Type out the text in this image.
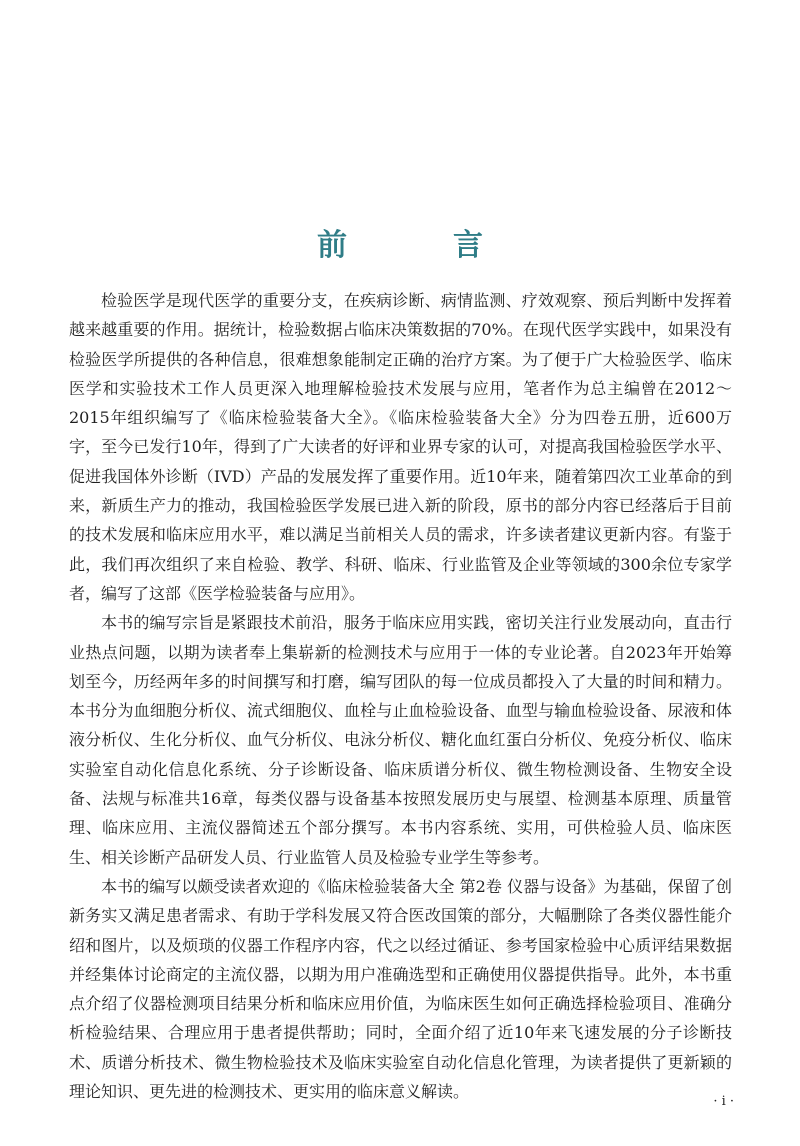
前　言

检验医学是现代医学的重要分支，在疾病诊断、病情监测、疗效观察、预后判断中发挥着越来越重要的作用。据统计，检验数据占临床决策数据的70%。在现代医学实践中，如果没有检验医学所提供的各种信息，很难想象能制定正确的治疗方案。为了便于广大检验医学、临床医学和实验技术工作人员更深入地理解检验技术发展与应用，笔者作为总主编曾在2012～2015年组织编写了《临床检验装备大全》。《临床检验装备大全》分为四卷五册，近600万字，至今已发行10年，得到了广大读者的好评和业界专家的认可，对提高我国检验医学水平、促进我国体外诊断（IVD）产品的发展发挥了重要作用。近10年来，随着第四次工业革命的到来，新质生产力的推动，我国检验医学发展已进入新的阶段，原书的部分内容已经落后于目前的技术发展和临床应用水平，难以满足当前相关人员的需求，许多读者建议更新内容。有鉴于此，我们再次组织了来自检验、教学、科研、临床、行业监管及企业等领域的300余位专家学者，编写了这部《医学检验装备与应用》。

本书的编写宗旨是紧跟技术前沿，服务于临床应用实践，密切关注行业发展动向，直击行业热点问题，以期为读者奉上集崭新的检测技术与应用于一体的专业论著。自2023年开始筹划至今，历经两年多的时间撰写和打磨，编写团队的每一位成员都投入了大量的时间和精力。本书分为血细胞分析仪、流式细胞仪、血栓与止血检验设备、血型与输血检验设备、尿液和体液分析仪、生化分析仪、血气分析仪、电泳分析仪、糖化血红蛋白分析仪、免疫分析仪、临床实验室自动化信息化系统、分子诊断设备、临床质谱分析仪、微生物检测设备、生物安全设备、法规与标准共16章，每类仪器与设备基本按照发展历史与展望、检测基本原理、质量管理、临床应用、主流仪器简述五个部分撰写。本书内容系统、实用，可供检验人员、临床医生、相关诊断产品研发人员、行业监管人员及检验专业学生等参考。

本书的编写以颇受读者欢迎的《临床检验装备大全 第2卷 仪器与设备》为基础，保留了创新务实又满足患者需求、有助于学科发展又符合医改国策的部分，大幅删除了各类仪器性能介绍和图片，以及烦琐的仪器工作程序内容，代之以经过循证、参考国家检验中心质评结果数据并经集体讨论商定的主流仪器，以期为用户准确选型和正确使用仪器提供指导。此外，本书重点介绍了仪器检测项目结果分析和临床应用价值，为临床医生如何正确选择检验项目、准确分析检验结果、合理应用于患者提供帮助；同时，全面介绍了近10年来飞速发展的分子诊断技术、质谱分析技术、微生物检验技术及临床实验室自动化信息化管理，为读者提供了更新颖的理论知识、更先进的检测技术、更实用的临床意义解读。

· i ·
